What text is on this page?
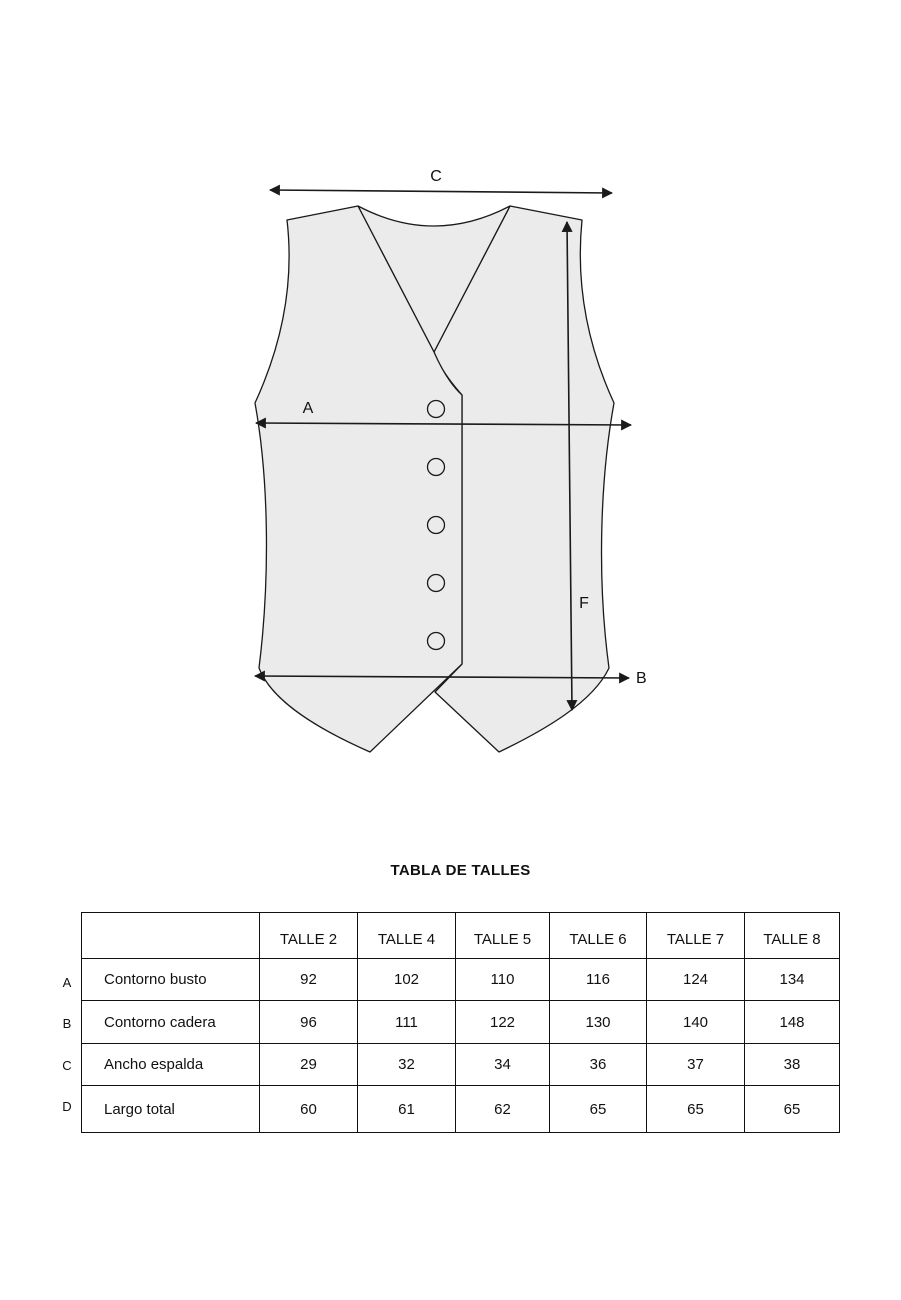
C
A
F
B
TABLA DE TALLES
A
B
C
D
	TALLE 2	TALLE 4	TALLE 5	TALLE 6	TALLE 7	TALLE 8
Contorno busto	92	102	110	116	124	134
Contorno cadera	96	111	122	130	140	148
Ancho espalda	29	32	34	36	37	38
Largo total	60	61	62	65	65	65
